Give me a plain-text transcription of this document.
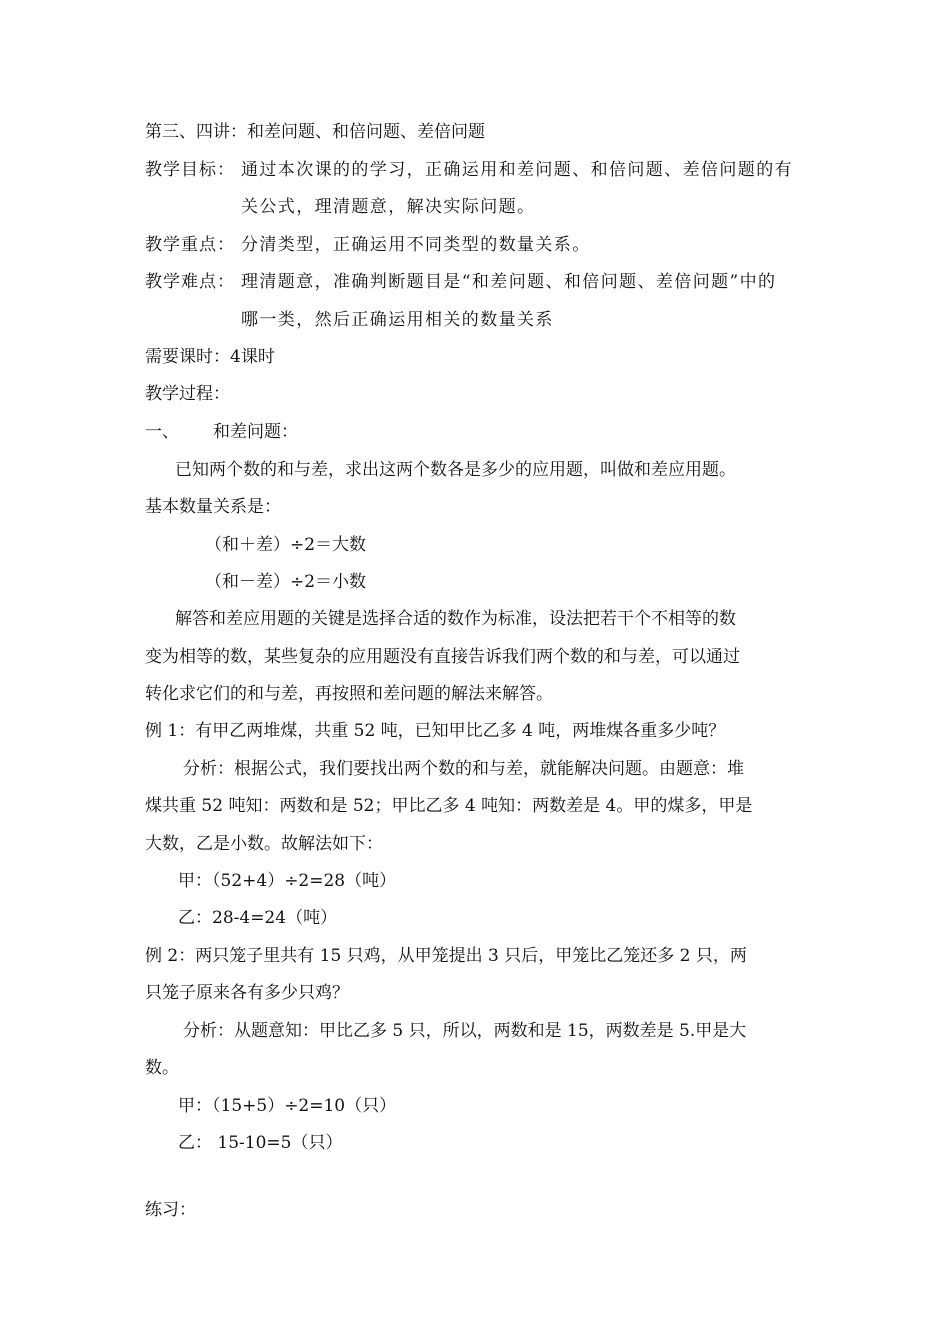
第三、四讲：和差问题、和倍问题、差倍问题
教学目标： 通过本次课的的学习，正确运用和差问题、和倍问题、差倍问题的有
关公式，理清题意，解决实际问题。
教学重点： 分清类型，正确运用不同类型的数量关系。
教学难点： 理清题意，准确判断题目是“和差问题、和倍问题、差倍问题”中的
哪一类，然后正确运用相关的数量关系
需要课时：4课时
教学过程：
一、 和差问题：
已知两个数的和与差，求出这两个数各是多少的应用题，叫做和差应用题。
基本数量关系是：
（和＋差）÷2＝大数
（和－差）÷2＝小数
解答和差应用题的关键是选择合适的数作为标准，设法把若干个不相等的数
变为相等的数，某些复杂的应用题没有直接告诉我们两个数的和与差，可以通过
转化求它们的和与差，再按照和差问题的解法来解答。
例 1：有甲乙两堆煤，共重 52 吨，已知甲比乙多 4 吨，两堆煤各重多少吨？
分析：根据公式，我们要找出两个数的和与差，就能解决问题。由题意：堆
煤共重 52 吨知：两数和是 52；甲比乙多 4 吨知：两数差是 4。甲的煤多，甲是
大数，乙是小数。故解法如下：
甲：（52+4）÷2=28（吨）
乙：28-4=24（吨）
例 2：两只笼子里共有 15 只鸡，从甲笼提出 3 只后，甲笼比乙笼还多 2 只，两
只笼子原来各有多少只鸡？
分析：从题意知：甲比乙多 5 只，所以，两数和是 15，两数差是 5.甲是大
数。
甲：（15+5）÷2=10（只）
乙： 15-10=5（只）
练习：
